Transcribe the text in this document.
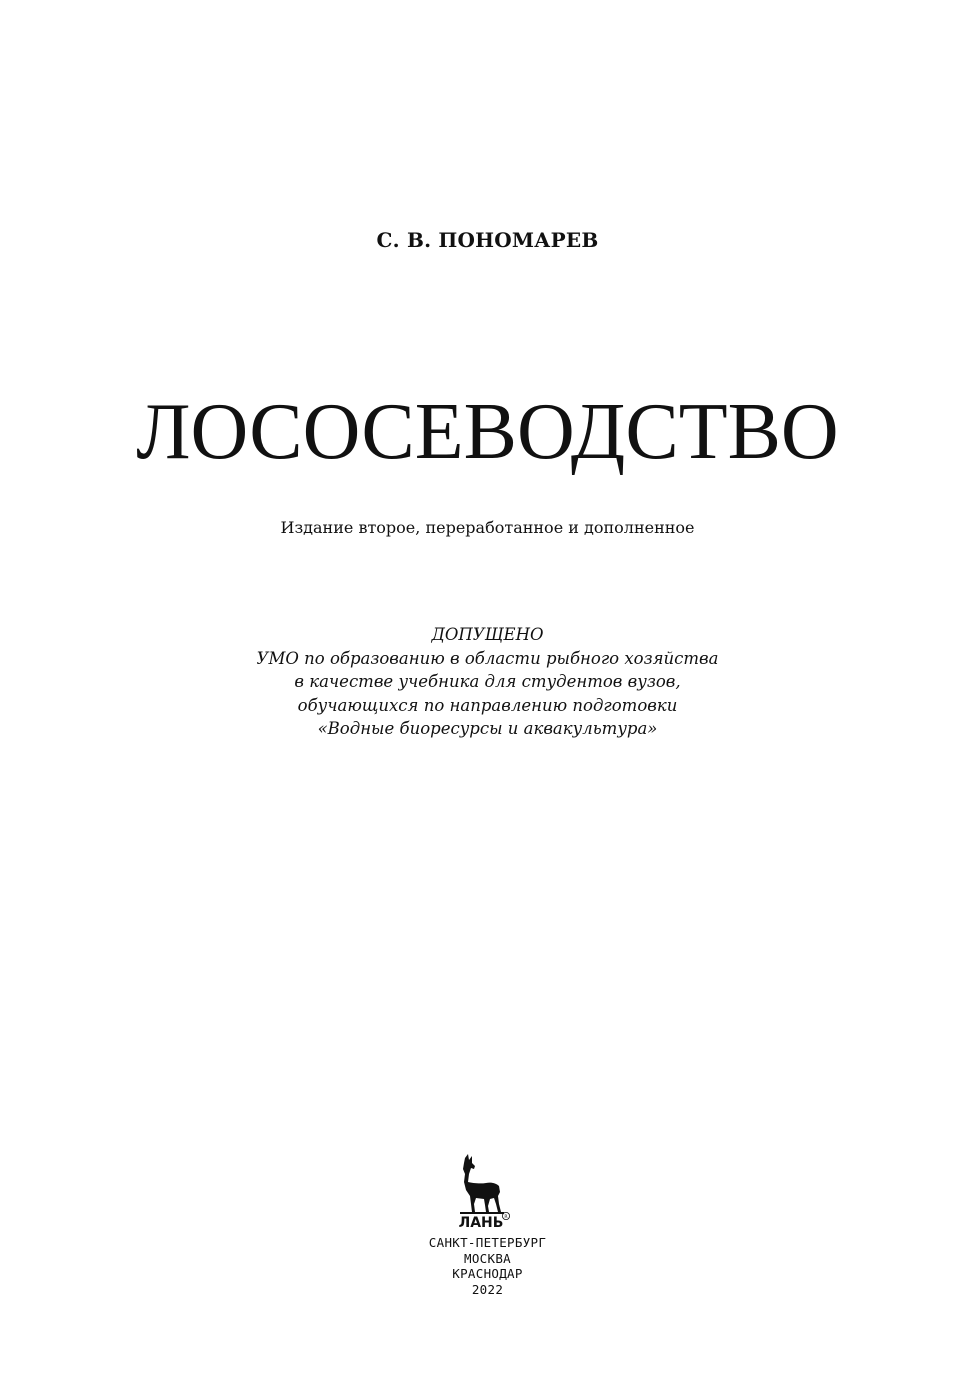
С. В. ПОНОМАРЕВ
ЛОСОСЕВОДСТВО
Издание второе, переработанное и дополненное
ДОПУЩЕНО
УМО по образованию в области рыбного хозяйства
в качестве учебника для студентов вузов,
обучающихся по направлению подготовки
«Водные биоресурсы и аквакультура»
ЛАНЬ R
САНКТ-ПЕТЕРБУРГ
МОСКВА
КРАСНОДАР
2022
